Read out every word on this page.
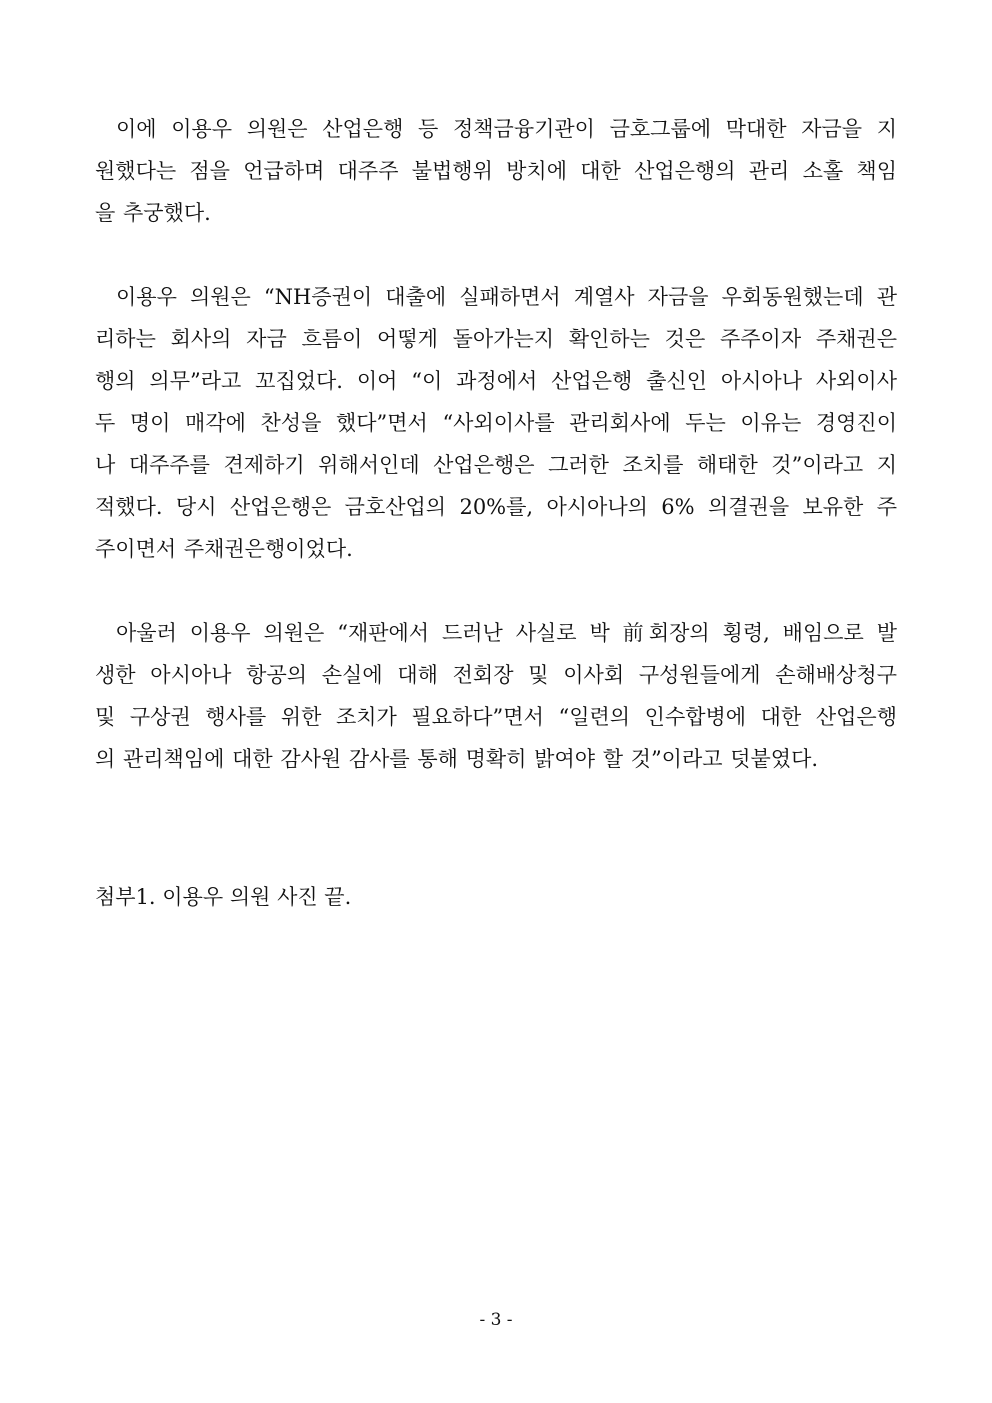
이에 이용우 의원은 산업은행 등 정책금융기관이 금호그룹에 막대한 자금을 지
원했다는 점을 언급하며 대주주 불법행위 방치에 대한 산업은행의 관리 소홀 책임
을 추궁했다.

이용우 의원은 “NH증권이 대출에 실패하면서 계열사 자금을 우회동원했는데 관
리하는 회사의 자금 흐름이 어떻게 돌아가는지 확인하는 것은 주주이자 주채권은
행의 의무”라고 꼬집었다. 이어 “이 과정에서 산업은행 출신인 아시아나 사외이사
두 명이 매각에 찬성을 했다”면서 “사외이사를 관리회사에 두는 이유는 경영진이
나 대주주를 견제하기 위해서인데 산업은행은 그러한 조치를 해태한 것”이라고 지
적했다. 당시 산업은행은 금호산업의 20%를, 아시아나의 6% 의결권을 보유한 주
주이면서 주채권은행이었다.

아울러 이용우 의원은 “재판에서 드러난 사실로 박 前회장의 횡령, 배임으로 발
생한 아시아나 항공의 손실에 대해 전회장 및 이사회 구성원들에게 손해배상청구
및 구상권 행사를 위한 조치가 필요하다”면서 “일련의 인수합병에 대한 산업은행
의 관리책임에 대한 감사원 감사를 통해 명확히 밝여야 할 것”이라고 덧붙였다.

첨부1. 이용우 의원 사진 끝.

- 3 -
